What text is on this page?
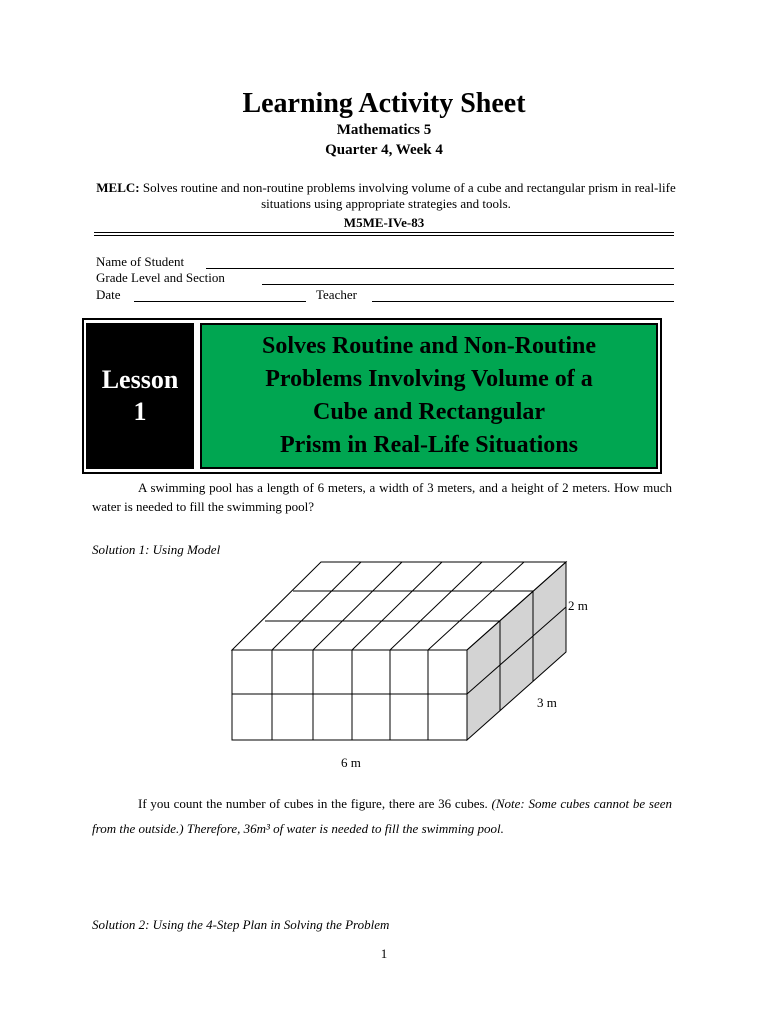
Learning Activity Sheet
Mathematics 5
Quarter 4, Week 4
MELC: Solves routine and non-routine problems involving volume of a cube and rectangular prism in real-life situations using appropriate strategies and tools.
M5ME-IVe-83
Name of Student
Grade Level and Section
Date	Teacher
Lesson
1
Solves Routine and Non-Routine
Problems Involving Volume of a
Cube and Rectangular
Prism in Real-Life Situations
A swimming pool has a length of 6 meters, a width of 3 meters, and a height of 2 meters. How much water is needed to fill the swimming pool?
Solution 1: Using Model
2 m
3 m
6 m
If you count the number of cubes in the figure, there are 36 cubes. (Note: Some cubes cannot be seen from the outside.) Therefore, 36m³ of water is needed to fill the swimming pool.
Solution 2: Using the 4-Step Plan in Solving the Problem
1
